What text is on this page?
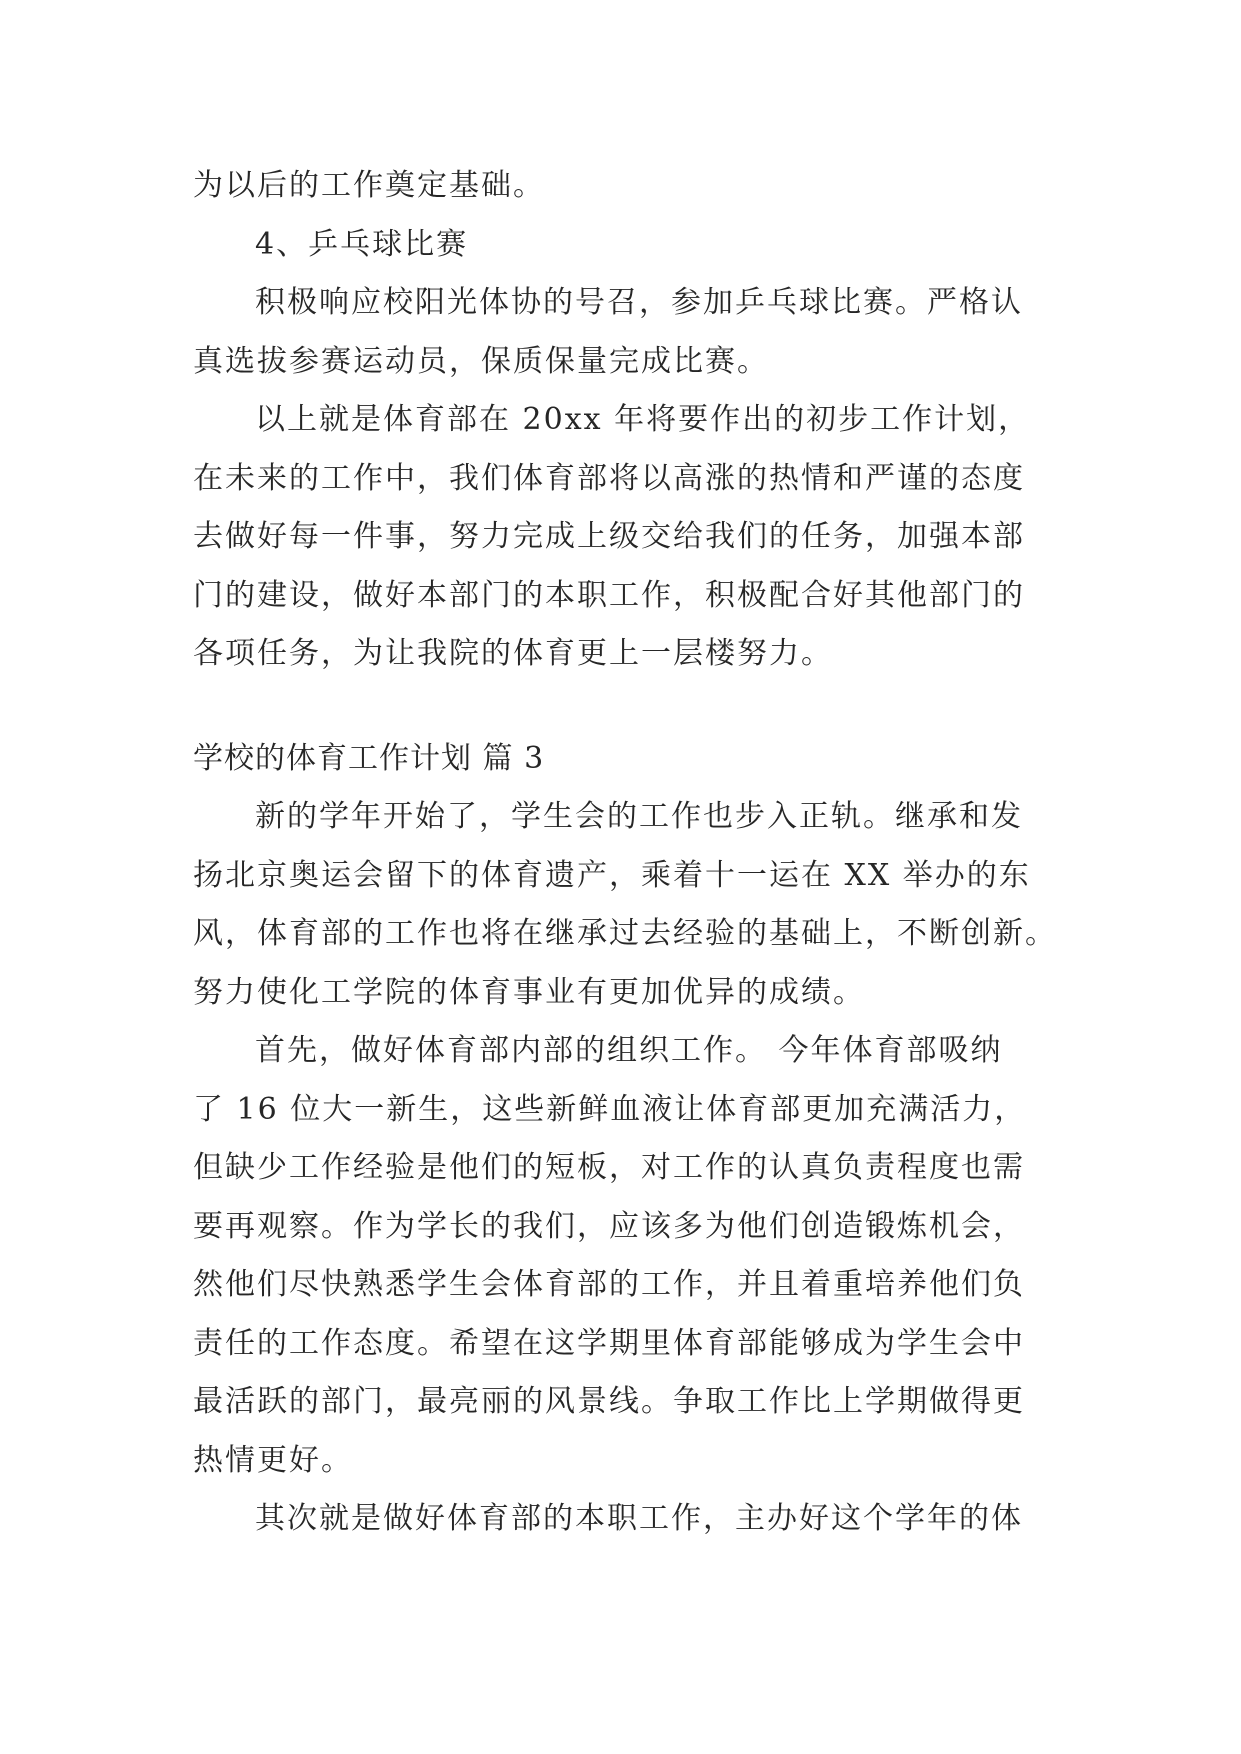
为以后的工作奠定基础。
4、乒乓球比赛
积极响应校阳光体协的号召，参加乒乓球比赛。严格认
真选拔参赛运动员，保质保量完成比赛。
以上就是体育部在 20xx 年将要作出的初步工作计划，
在未来的工作中，我们体育部将以高涨的热情和严谨的态度
去做好每一件事，努力完成上级交给我们的任务，加强本部
门的建设，做好本部门的本职工作，积极配合好其他部门的
各项任务，为让我院的体育更上一层楼努力。
学校的体育工作计划 篇 3
新的学年开始了，学生会的工作也步入正轨。继承和发
扬北京奥运会留下的体育遗产，乘着十一运在 XX 举办的东
风，体育部的工作也将在继承过去经验的基础上，不断创新。
努力使化工学院的体育事业有更加优异的成绩。
首先，做好体育部内部的组织工作。 今年体育部吸纳
了 16 位大一新生，这些新鲜血液让体育部更加充满活力，
但缺少工作经验是他们的短板，对工作的认真负责程度也需
要再观察。作为学长的我们，应该多为他们创造锻炼机会，
然他们尽快熟悉学生会体育部的工作，并且着重培养他们负
责任的工作态度。希望在这学期里体育部能够成为学生会中
最活跃的部门，最亮丽的风景线。争取工作比上学期做得更
热情更好。
其次就是做好体育部的本职工作，主办好这个学年的体
